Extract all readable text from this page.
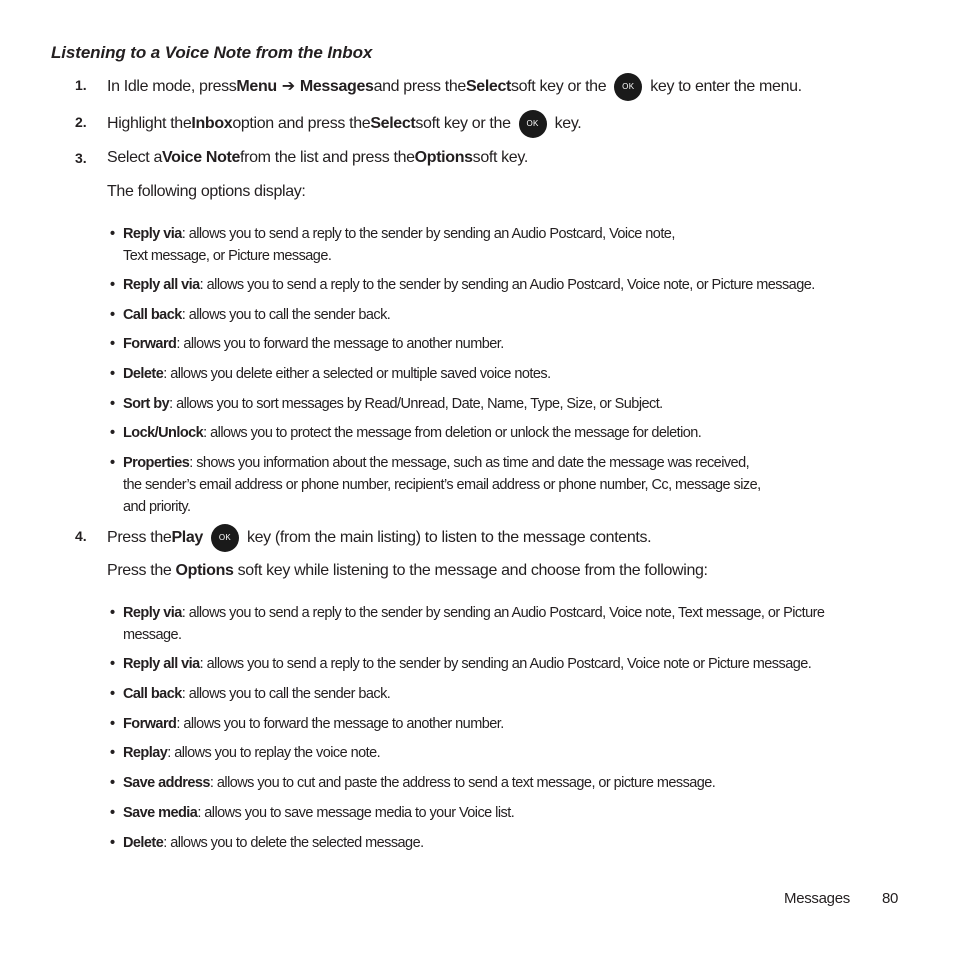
Listening to a Voice Note from the Inbox
1. In Idle mode, press Menu ➔ Messages and press the Select soft key or the	OK key to enter the menu.
2. Highlight the Inbox option and press the Select soft key or the	OK key.
3. Select a Voice Note from the list and press the Options soft key.
The following options display:
• Reply via: allows you to send a reply to the sender by sending an Audio Postcard, Voice note,
Text message, or Picture message.
• Reply all via: allows you to send a reply to the sender by sending an Audio Postcard, Voice note, or Picture message.
• Call back: allows you to call the sender back.
• Forward: allows you to forward the message to another number.
• Delete: allows you delete either a selected or multiple saved voice notes.
• Sort by: allows you to sort messages by Read/Unread, Date, Name, Type, Size, or Subject.
• Lock/Unlock: allows you to protect the message from deletion or unlock the message for deletion.
• Properties: shows you information about the message, such as time and date the message was received,
the sender’s email address or phone number, recipient’s email address or phone number, Cc, message size,
and priority.
4. Press the Play	OK key (from the main listing) to listen to the message contents.
Press the Options soft key while listening to the message and choose from the following:
• Reply via: allows you to send a reply to the sender by sending an Audio Postcard, Voice note, Text message, or Picture
message.
• Reply all via: allows you to send a reply to the sender by sending an Audio Postcard, Voice note or Picture message.
• Call back: allows you to call the sender back.
• Forward: allows you to forward the message to another number.
• Replay: allows you to replay the voice note.
• Save address: allows you to cut and paste the address to send a text message, or picture message.
• Save media: allows you to save message media to your Voice list.
• Delete: allows you to delete the selected message.
Messages 80
